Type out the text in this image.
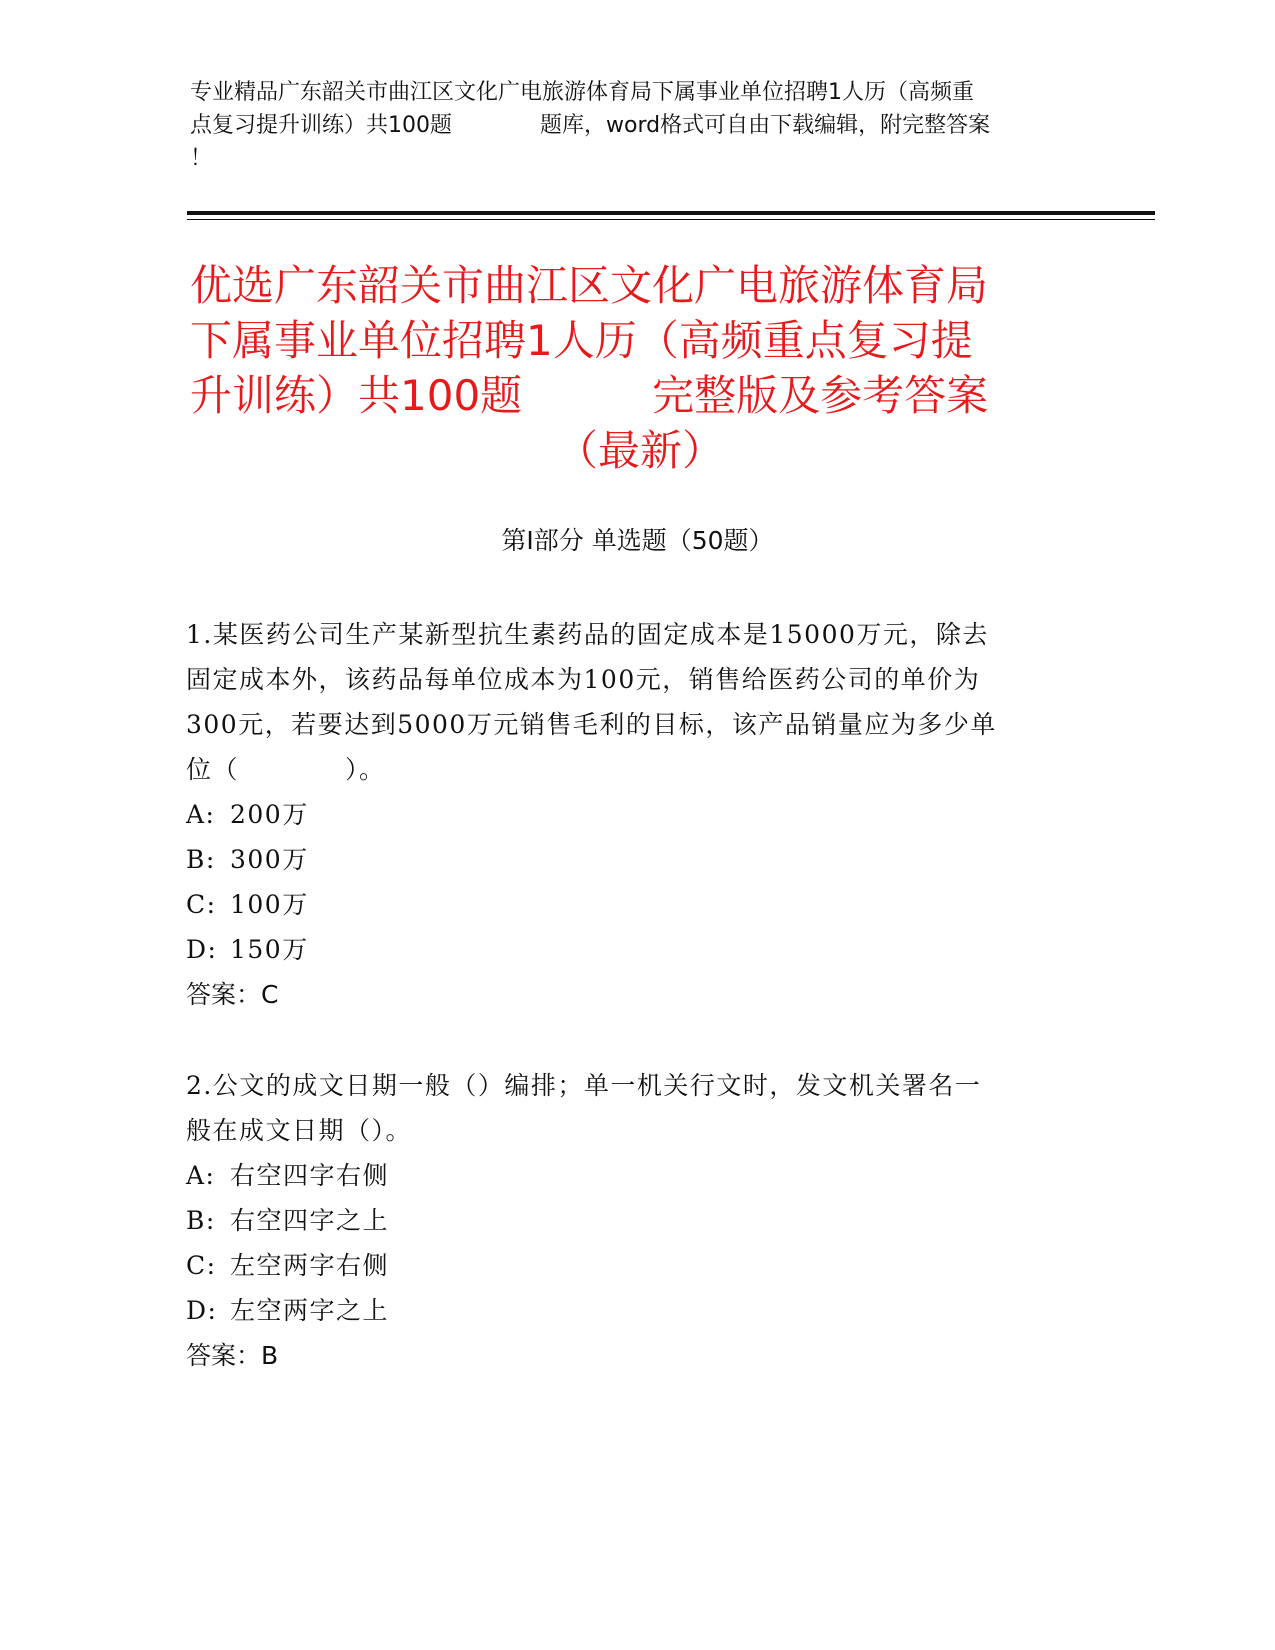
专业精品广东韶关市曲江区文化广电旅游体育局下属事业单位招聘1人历（高频重
点复习提升训练）共100题　　　　题库，word格式可自由下载编辑，附完整答案
！
优选广东韶关市曲江区文化广电旅游体育局
下属事业单位招聘1人历（高频重点复习提
升训练）共100题	完整版及参考答案
（最新）
第Ⅰ部分 单选题（50题）
1.某医药公司生产某新型抗生素药品的固定成本是15000万元，除去
固定成本外，该药品每单位成本为100元，销售给医药公司的单价为
300元，若要达到5000万元销售毛利的目标，该产品销量应为多少单
位（　　　　）。
A: 200万
B: 300万
C: 100万
D: 150万
答案：C
2.公文的成文日期一般（）编排；单一机关行文时，发文机关署名一
般在成文日期（）。
A: 右空四字右侧
B: 右空四字之上
C: 左空两字右侧
D: 左空两字之上
答案：B
